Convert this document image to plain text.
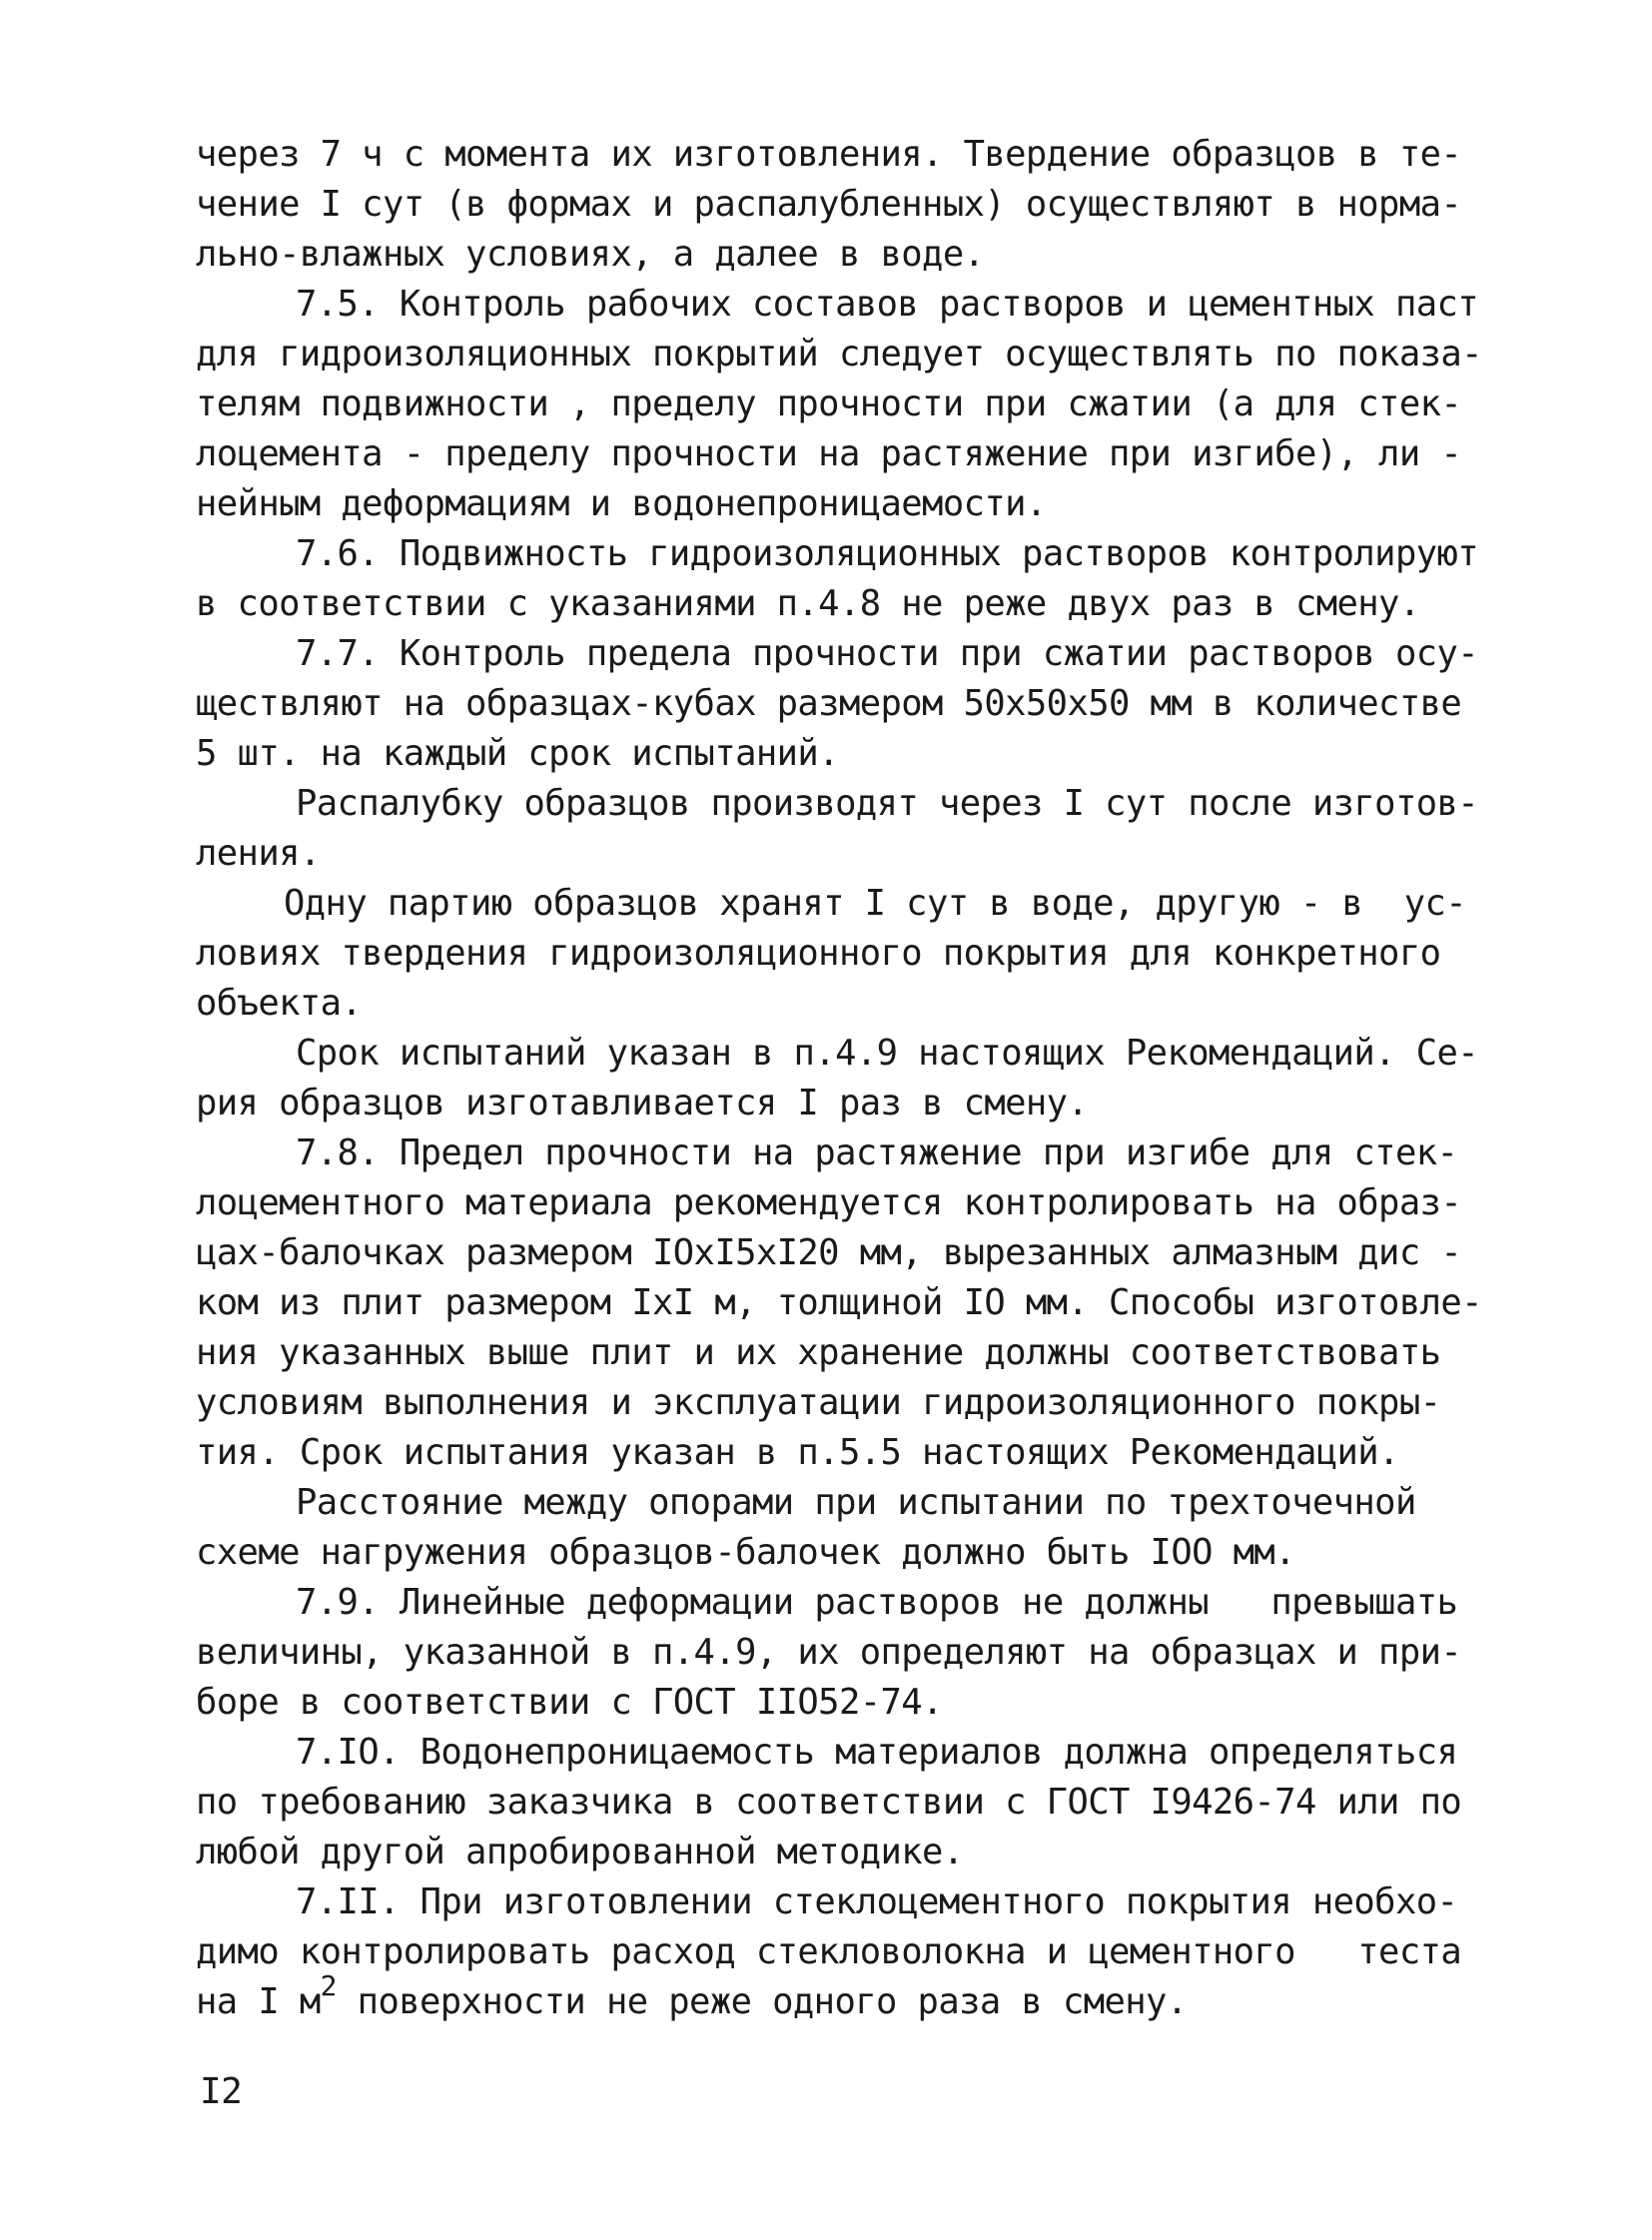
через 7 ч с момента их изготовления. Твердение образцов в те-
чение I сут (в формах и распалубленных) осуществляют в норма-
льно-влажных условиях, а далее в воде.
7.5. Контроль рабочих составов растворов и цементных паст
для гидроизоляционных покрытий следует осуществлять по показа-
телям подвижности , пределу прочности при сжатии (а для стек-
лоцемента - пределу прочности на растяжение при изгибе), ли -
нейным деформациям и водонепроницаемости.
7.6. Подвижность гидроизоляционных растворов контролируют
в соответствии с указаниями п.4.8 не реже двух раз в смену.
7.7. Контроль предела прочности при сжатии растворов осу-
ществляют на образцах-кубах размером 50х50х50 мм в количестве
5 шт. на каждый срок испытаний.
Распалубку образцов производят через I сут после изготов-
ления.
Одну партию образцов хранят I сут в воде, другую - в  ус-
ловиях твердения гидроизоляционного покрытия для конкретного
объекта.
Срок испытаний указан в п.4.9 настоящих Рекомендаций. Се-
рия образцов изготавливается I раз в смену.
7.8. Предел прочности на растяжение при изгибе для стек-
лоцементного материала рекомендуется контролировать на образ-
цах-балочках размером IOxI5xI20 мм, вырезанных алмазным дис -
ком из плит размером IxI м, толщиной IO мм. Способы изготовле-
ния указанных выше плит и их хранение должны соответствовать
условиям выполнения и эксплуатации гидроизоляционного покры-
тия. Срок испытания указан в п.5.5 настоящих Рекомендаций.
Расстояние между опорами при испытании по трехточечной
схеме нагружения образцов-балочек должно быть IOO мм.
7.9. Линейные деформации растворов не должны   превышать
величины, указанной в п.4.9, их определяют на образцах и при-
боре в соответствии с ГОСТ IIO52-74.
7.IO. Водонепроницаемость материалов должна определяться
по требованию заказчика в соответствии с ГОСТ I9426-74 или по
любой другой апробированной методике.
7.II. При изготовлении стеклоцементного покрытия необхо-
димо контролировать расход стекловолокна и цементного   теста
на I $м^2$ поверхности не реже одного раза в смену.
I2
